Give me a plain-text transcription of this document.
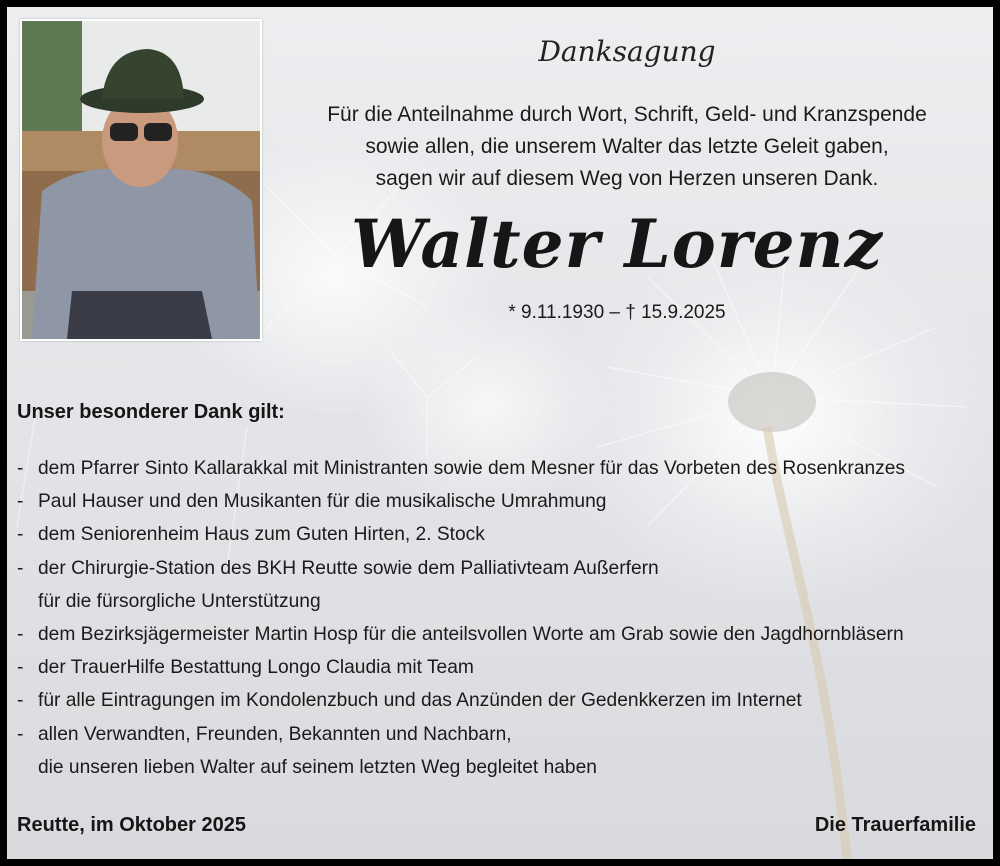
Danksagung
Für die Anteilnahme durch Wort, Schrift, Geld- und Kranzspende
sowie allen, die unserem Walter das letzte Geleit gaben,
sagen wir auf diesem Weg von Herzen unseren Dank.
Walter Lorenz
* 9.11.1930 – † 15.9.2025
Unser besonderer Dank gilt:
- dem Pfarrer Sinto Kallarakkal mit Ministranten sowie dem Mesner für das Vorbeten des Rosenkranzes
- Paul Hauser und den Musikanten für die musikalische Umrahmung
- dem Seniorenheim Haus zum Guten Hirten, 2. Stock
- der Chirurgie-Station des BKH Reutte sowie dem Palliativteam Außerfern
für die fürsorgliche Unterstützung
- dem Bezirksjägermeister Martin Hosp für die anteilsvollen Worte am Grab sowie den Jagdhornbläsern
- der TrauerHilfe Bestattung Longo Claudia mit Team
- für alle Eintragungen im Kondolenzbuch und das Anzünden der Gedenkkerzen im Internet
- allen Verwandten, Freunden, Bekannten und Nachbarn,
die unseren lieben Walter auf seinem letzten Weg begleitet haben
Reutte, im Oktober 2025	Die Trauerfamilie
